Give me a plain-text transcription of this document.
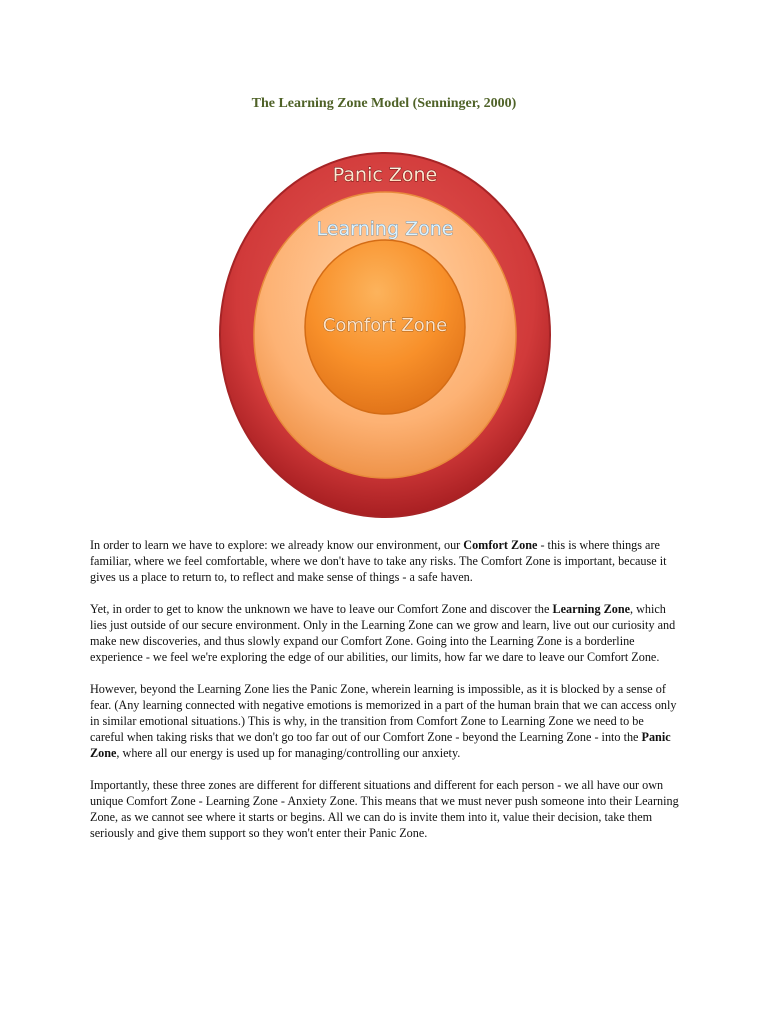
The Learning Zone Model (Senninger, 2000)
Panic Zone
Learning Zone
Comfort Zone

In order to learn we have to explore: we already know our environment, our Comfort Zone - this is where things are familiar, where we feel comfortable, where we don't have to take any risks. The Comfort Zone is important, because it gives us a place to return to, to reflect and make sense of things - a safe haven.

Yet, in order to get to know the unknown we have to leave our Comfort Zone and discover the Learning Zone, which lies just outside of our secure environment. Only in the Learning Zone can we grow and learn, live out our curiosity and make new discoveries, and thus slowly expand our Comfort Zone. Going into the Learning Zone is a borderline experience - we feel we're exploring the edge of our abilities, our limits, how far we dare to leave our Comfort Zone.

However, beyond the Learning Zone lies the Panic Zone, wherein learning is impossible, as it is blocked by a sense of fear. (Any learning connected with negative emotions is memorized in a part of the human brain that we can access only in similar emotional situations.) This is why, in the transition from Comfort Zone to Learning Zone we need to be careful when taking risks that we don't go too far out of our Comfort Zone - beyond the Learning Zone - into the Panic Zone, where all our energy is used up for managing/controlling our anxiety.

Importantly, these three zones are different for different situations and different for each person - we all have our own unique Comfort Zone - Learning Zone - Anxiety Zone. This means that we must never push someone into their Learning Zone, as we cannot see where it starts or begins. All we can do is invite them into it, value their decision, take them seriously and give them support so they won't enter their Panic Zone.
